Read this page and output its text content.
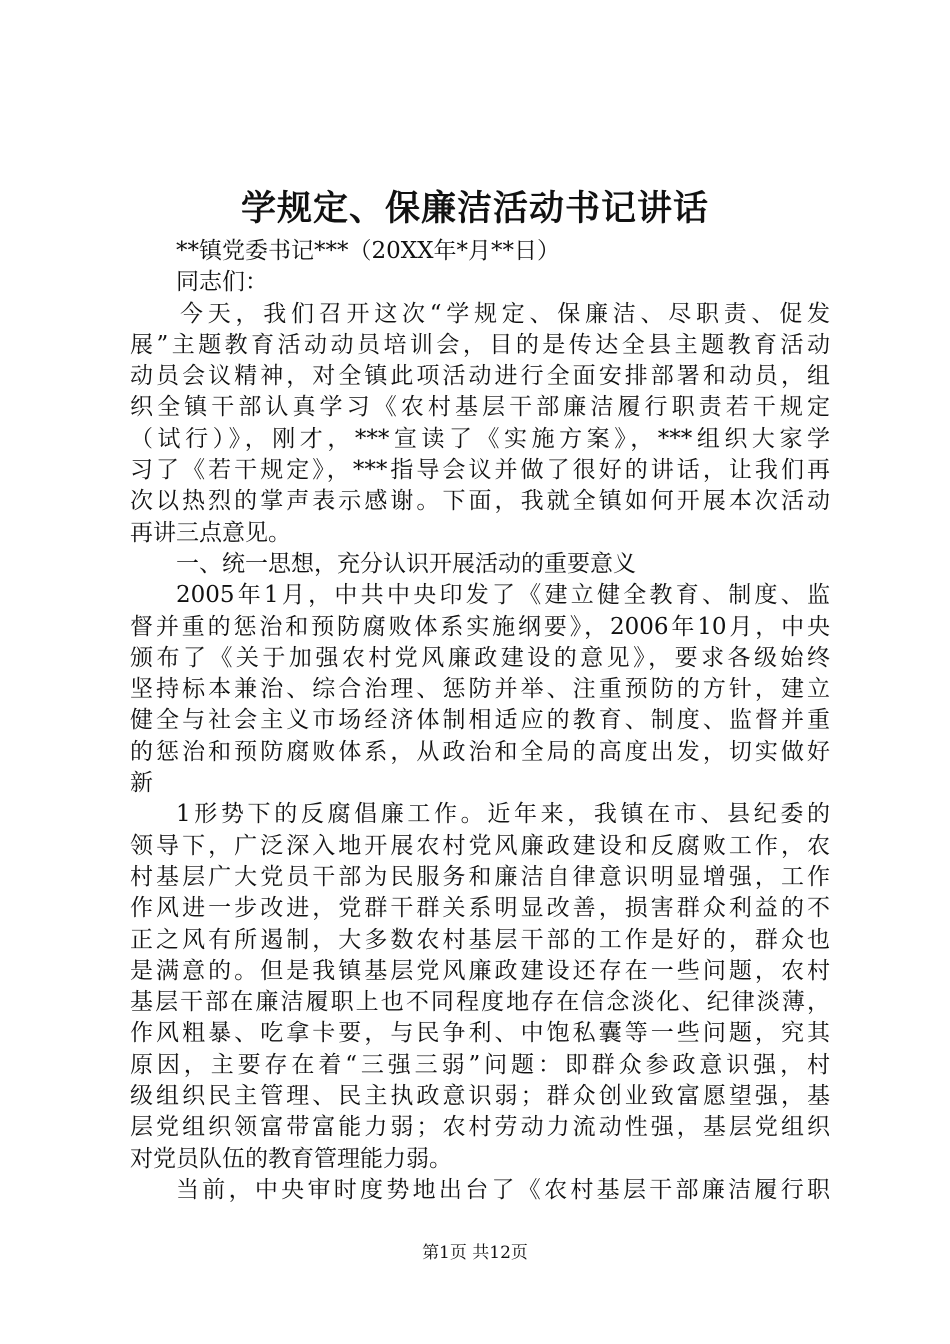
学规定、保廉洁活动书记讲话
**镇党委书记***（20XX年*月**日）
同志们：
今天，我们召开这次“学规定、保廉洁、尽职责、促发
展”主题教育活动动员培训会，目的是传达全县主题教育活动
动员会议精神，对全镇此项活动进行全面安排部署和动员，组
织全镇干部认真学习《农村基层干部廉洁履行职责若干规定
（试行）》，刚才，***宣读了《实施方案》，***组织大家学
习了《若干规定》，***指导会议并做了很好的讲话，让我们再
次以热烈的掌声表示感谢。下面，我就全镇如何开展本次活动
再讲三点意见。
一、统一思想，充分认识开展活动的重要意义
2005年1月，中共中央印发了《建立健全教育、制度、监
督并重的惩治和预防腐败体系实施纲要》，2006年10月，中央
颁布了《关于加强农村党风廉政建设的意见》，要求各级始终
坚持标本兼治、综合治理、惩防并举、注重预防的方针，建立
健全与社会主义市场经济体制相适应的教育、制度、监督并重
的惩治和预防腐败体系，从政治和全局的高度出发，切实做好
新
1形势下的反腐倡廉工作。近年来，我镇在市、县纪委的
领导下，广泛深入地开展农村党风廉政建设和反腐败工作，农
村基层广大党员干部为民服务和廉洁自律意识明显增强，工作
作风进一步改进，党群干群关系明显改善，损害群众利益的不
正之风有所遏制，大多数农村基层干部的工作是好的，群众也
是满意的。但是我镇基层党风廉政建设还存在一些问题，农村
基层干部在廉洁履职上也不同程度地存在信念淡化、纪律淡薄，
作风粗暴、吃拿卡要，与民争利、中饱私囊等一些问题，究其
原因，主要存在着“三强三弱”问题：即群众参政意识强，村
级组织民主管理、民主执政意识弱；群众创业致富愿望强，基
层党组织领富带富能力弱；农村劳动力流动性强，基层党组织
对党员队伍的教育管理能力弱。
当前，中央审时度势地出台了《农村基层干部廉洁履行职
第1页 共12页
